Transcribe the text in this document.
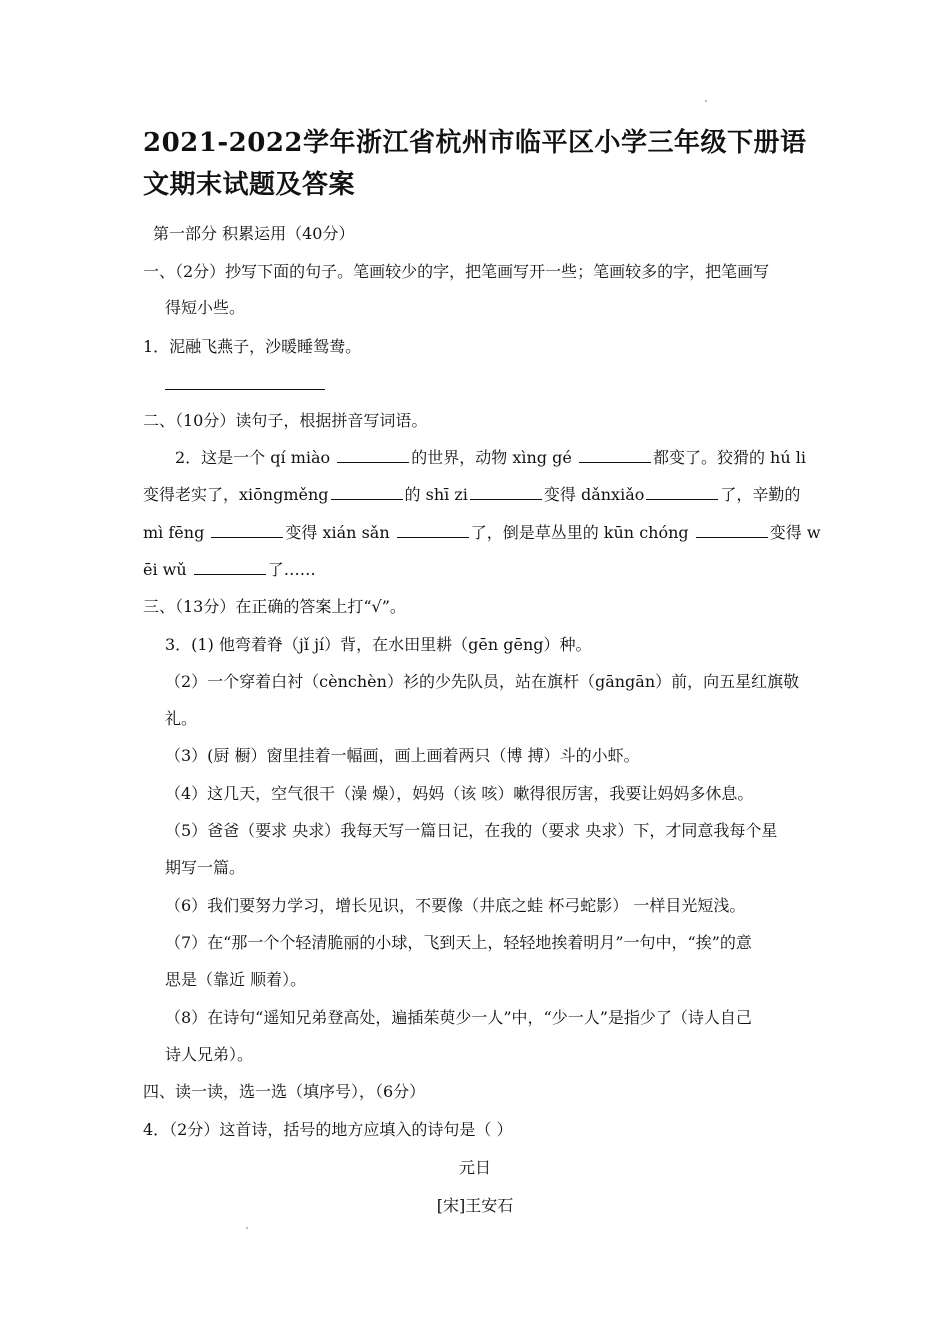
2021-2022学年浙江省杭州市临平区小学三年级下册语文期末试题及答案
第一部分 积累运用（40分）
一、（2分）抄写下面的句子。笔画较少的字，把笔画写开一些；笔画较多的字，把笔画写
得短小些。
1．泥融飞燕子，沙暖睡鸳鸯。
二、（10分）读句子，根据拼音写词语。
2．这是一个 qí miào	的世界，动物 xìng gé	都变了。狡猾的 hú li
变得老实了，xiōngměng	的 shī zi	变得 dǎnxiǎo	了，辛勤的
mì fēng	变得 xián sǎn	了，倒是草丛里的 kūn chóng	变得 w
ēi wǔ	了……
三、（13分）在正确的答案上打“√”。
3．(1) 他弯着脊（jǐ jí）背，在水田里耕（gēn gēng）种。
（2）一个穿着白衬（cènchèn）衫的少先队员，站在旗杆（gāngān）前，向五星红旗敬
礼。
（3）(厨 橱）窗里挂着一幅画，画上画着两只（博 搏）斗的小虾。
（4）这几天，空气很干（澡 燥），妈妈（该 咳）嗽得很厉害，我要让妈妈多休息。
（5）爸爸（要求 央求）我每天写一篇日记，在我的（要求 央求）下，才同意我每个星
期写一篇。
（6）我们要努力学习，增长见识，不要像（井底之蛙 杯弓蛇影） 一样目光短浅。
（7）在“那一个个轻清脆丽的小球，飞到天上，轻轻地挨着明月”一句中，“挨”的意
思是（靠近 顺着）。
（8）在诗句“遥知兄弟登高处，遍插茱萸少一人”中，“少一人”是指少了（诗人自己
诗人兄弟）。
四、读一读，选一选（填序号），（6分）
4．（2分）这首诗，括号的地方应填入的诗句是（ ）
元日
[宋]王安石
